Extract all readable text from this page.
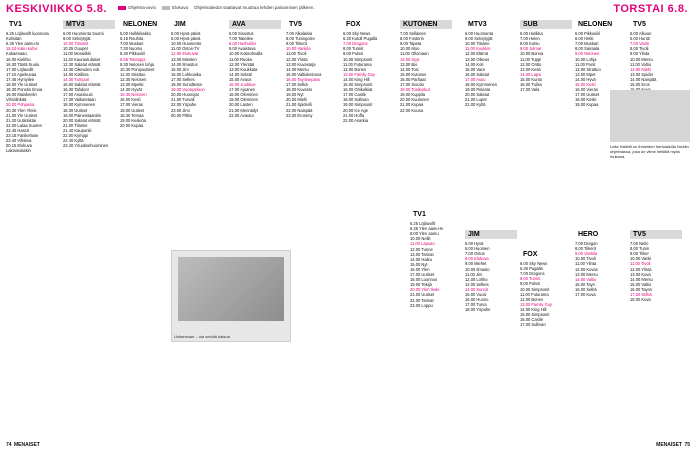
KESKIVIIKKO 5.8.	Ohjelma-arvio	Elokuva Ohjelmatiedot saattavat muuttua lehden painamisen jälkeen.	TORSTAI 6.8.
TV1
6.25 Löjlavollt luonnosa
Kolisitan
6.35 Ylen aamu-tv
15.10 Kaku kuhvi
Kukaenaan.
16.00 Kielihto
16.30 Tästä Suulu
17.00 Löjlavollt
17.10 Ajankuvaa
17.45 Hymyilee
18.00 Yle Uutiset
18.30 Ponstin Ilmoa
19.00 Maiskeelin
Vihsiilinkää
20.00 Pohjassa
20.30 Ylen Yleisi
21.00 Yle Uutiset
21.20 Uutistiistai
22.00 Lataa Suuren
22.45 Hassit
23.15 Fanikeltuse
23.40 Vihsiiva
00.15 Elokuva
Lakiainoitakin
MTV3
6.00 Huomenta Suomi
9.00 Selviytyjät
10.00 Tilanteli
10.25 Goupet
11.00 Mosaiikki
11.30 Kaurautulaiset
12.30 Salatut elämät
13.30 Oikeuden vok
14.00 Kotiliisa
14.30 Tumpuri
16.00 Salatut elämät
16.30 Tahdon!
17.00 Asuisiuusi
17.30 Vaikutetaan
18.00 Kymmenen
18.30 Uutiset
19.00 Paineistaantiin
20.00 Salatut elämät
21.00 Tilanne
21.40 Kaupunki
22.00 Kymppi
22.40 Kyltä
23.40 Yöuutisehuominen
NELONEN
5.00 Hulkkikakko
6.15 Rouhita
7.00 Muskari
7.30 Nuomo
8.30 Pikkusiiri
8.55 Teletappi
9.30 Nelosen lohja
10.30 Ponipuutteet
11.30 Strattuo
12.30 Nelosen
13.30 Mpetki
14.30 Hyvät
15.30 Nelonen
16.00 Kesti
17.00 Vieras
18.00 Uutiset
18.30 Tervaa
19.00 Keskiöa
20.00 Kupaa
JIM
5.00 Hyvä päivä
6.00 Hyvä päivä
10.00 Huomento
11.00 Ostos-TV
12.00 Elokuvat
13.00 Miesten
14.00 Ilmastus
15.00 Jim
16.00 Lohkoaika
17.00 Selkes
18.00 Sunidtesta
19.00 Vuosipeloon
20.00 Huonojat
21.00 Turvall
22.00 Yöpuhe
23.00 Jimi
00.00 Pitkis
AVA
6.00 Sisustus
7.00 Taiteilee
8.00 Hashuliini
9.00 Avaistuva
10.00 Kotisohvalla
11.00 Ruoka
12.00 Ylentää
13.00 Kuukkata
14.00 Selatti
15.00 Avaus
16.00 Joukkue
17.00 Ajoanes
18.00 Oleminen
19.00 Oleminen
20.00 Lasten
21.00 Mennäilyt
22.00 Avautui
TV5
7.00 Alkalaisia
8.00 Tuningolev
9.00 Tiikerit
10.00 Vankila
11.00 Tivoli
12.00 Ylinta
13.00 Kuvasarja
14.00 Mersu
15.00 Valtiokeinova
16.00 Tayntsepass
17.00 Selkä
18.00 Kuvasto
19.00 Nyt
20.00 Miehi
21.00 Spiderili
22.00 Naispää
23.00 Eroseny
FOX
6.00 Sky News
6.30 Kotoll Pugalla
7.00 Dragons
8.00 Tunnit
9.00 Pulssi
10.00 Simpsonit
11.00 Futurama
12.00 Bones
13.00 Family Guy
14.00 King Hill
15.00 Simpsonit
16.00 Ohikulkiat
17.00 Castle
18.00 Sullivan
19.00 Simpsonit
20.00 Ice Age
21.00 Hoffa
22.00 Anarkia
KUTONEN
7.00 Sellainen
8.00 Fosterin
9.00 Tapeta
10.00 Moo
11.00 Ollomaan
12.00 Syyt
13.00 Bio
14.00 Tosi
15.00 Kutosen
16.00 Parhaat
17.00 Sioutio
18.00 Tosikurkut
19.00 Kuppila
20.00 Kuutonen
21.00 Kupaa
22.00 Kuusa
TV1
6.25 Löjlavollt
6.35 Ylen aamu-tv
9.00 Ylen aamu
10.00 Neilit
11.00 Lapuan
12.00 Tunne
13.00 Tarinat
14.00 Haiku
15.00 Nyt
16.00 Ylen
17.00 Uutiset
18.00 Luonnos
19.00 Tekijä
20.00 Ylen tiede
21.00 Uutiset
22.00 Tarinat
23.00 Loppu
MTV3
6.00 Huomenta
9.00 Selviytyjät
10.00 Tilanne
11.00 Kuukkis
12.00 Elämä
13.00 Oikeus
14.00 Koti
15.00 Vara
16.00 Salatut
17.00 Asuu
18.00 Kymmenen
19.00 Pelasta
20.00 Salatut
21.00 Lopet
22.00 Kyltä
SUB
6.00 Hutikka
7.00 Helen
8.00 Kotsu
9.00 Julmar
10.00 Bonna
11.00 Tuppi
12.00 Ontto
13.00 Kesä
14.00 Lapsi
15.00 Kunto
16.00 Tuliss
17.00 Vala
NELONEN
5.00 Pikkusiiri
6.00 Hetki
7.00 Muskari
8.00 Sairaala
9.00 Nelonen
10.00 Lohja
11.00 Ponit
12.00 Strattuo
13.00 Mpet
14.00 Hyvä
15.00 Kesti
16.00 Vieras
17.00 Uutiset
18.00 Keski
19.00 Kupaa
TV5
5.00 Alkuun
6.00 Huntti
7.00 Vanki
8.00 Tivoli
9.00 Ylinta
10.00 Mersu
11.00 Valtio
12.00 Miehi
13.00 Spider
14.00 Naispää
15.00 Eros
JIM
5.00 Hyvä
6.00 Huomen
7.00 Ostos
8.00 Elokuva
9.00 Miehet
10.00 Ilmasto
11.00 Jim
12.00 Lohko
13.00 Selkes
14.00 Sunnit
15.00 Vuosi
16.00 Huono
17.00 Turva
18.00 Yöpuhe
HERO
7.00 Dragon
8.00 Tiikerit
9.00 Vankila
10.00 Tivoli
11.00 Ylinta
12.00 Kuvas
13.00 Mersu
14.00 Valtio
15.00 Tayn
16.00 Selkä
17.00 Kuva
FOX
6.00 Sky News
6.30 Pugalla
7.00 Dragons
8.00 Tunnit
9.00 Pulssi
10.00 Simpsonit
11.00 Futurama
12.00 Bones
13.00 Family Guy
14.00 King Hill
15.00 Simpsonit
16.00 Castle
17.00 Sullivan
TV5
7.00 Neilo
8.00 Tunin
9.00 Tiiker
10.00 Vanki
11.00 Tivoli
12.00 Ylinta
13.00 Kuva
14.00 Mersu
15.00 Valtio
16.00 Tayns
17.00 Selkä
18.00 Kuva
Unitarisaari – ota selvää katsoa
Leila Halletti on ihmeiden hertulaisilla Nicklin ohjelmassa, joka on viime hetkillä myös mukana.
74 MENAISET	MENAISET 75
